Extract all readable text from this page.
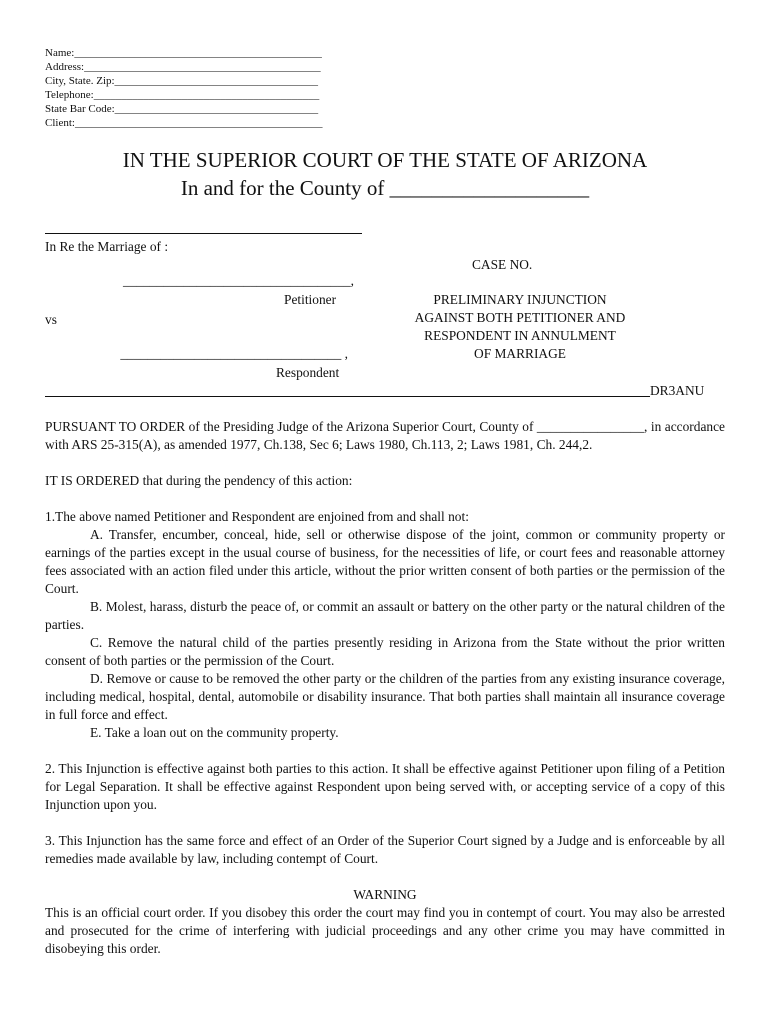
Name:_____________________________________________
Address:___________________________________________
City, State. Zip:_____________________________________
Telephone:_________________________________________
State Bar Code:_____________________________________
Client:_____________________________________________
IN THE SUPERIOR COURT OF THE STATE OF ARIZONA
In and for the County of ___________________
In Re the Marriage of :
CASE NO.
__________________________________,
Petitioner
vs
_________________________________ ,
Respondent
PRELIMINARY INJUNCTION
AGAINST BOTH PETITIONER AND
RESPONDENT IN ANNULMENT
OF MARRIAGE
DR3ANU

PURSUANT TO ORDER of the Presiding Judge of the Arizona Superior Court, County of ________________, in accordance with ARS 25-315(A), as amended 1977, Ch.138, Sec 6; Laws 1980, Ch.113, 2; Laws 1981, Ch. 244,2.

IT IS ORDERED that during the pendency of this action:

1.The above named Petitioner and Respondent are enjoined from and shall not:

A. Transfer, encumber, conceal, hide, sell or otherwise dispose of the joint, common or community property or earnings of the parties except in the usual course of business, for the necessities of life, or court fees and reasonable attorney fees associated with an action filed under this article, without the prior written consent of both parties or the permission of the Court.

B. Molest, harass, disturb the peace of, or commit an assault or battery on the other party or the natural children of the parties.

C. Remove the natural child of the parties presently residing in Arizona from the State without the prior written consent of both parties or the permission of the Court.

D. Remove or cause to be removed the other party or the children of the parties from any existing insurance coverage, including medical, hospital, dental, automobile or disability insurance. That both parties shall maintain all insurance coverage in full force and effect.

E. Take a loan out on the community property.

2. This Injunction is effective against both parties to this action. It shall be effective against Petitioner upon filing of a Petition for Legal Separation. It shall be effective against Respondent upon being served with, or accepting service of a copy of this Injunction upon you.

3. This Injunction has the same force and effect of an Order of the Superior Court signed by a Judge and is enforceable by all remedies made available by law, including contempt of Court.

WARNING

This is an official court order. If you disobey this order the court may find you in contempt of court. You may also be arrested and prosecuted for the crime of interfering with judicial proceedings and any other crime you may have committed in disobeying this order.
